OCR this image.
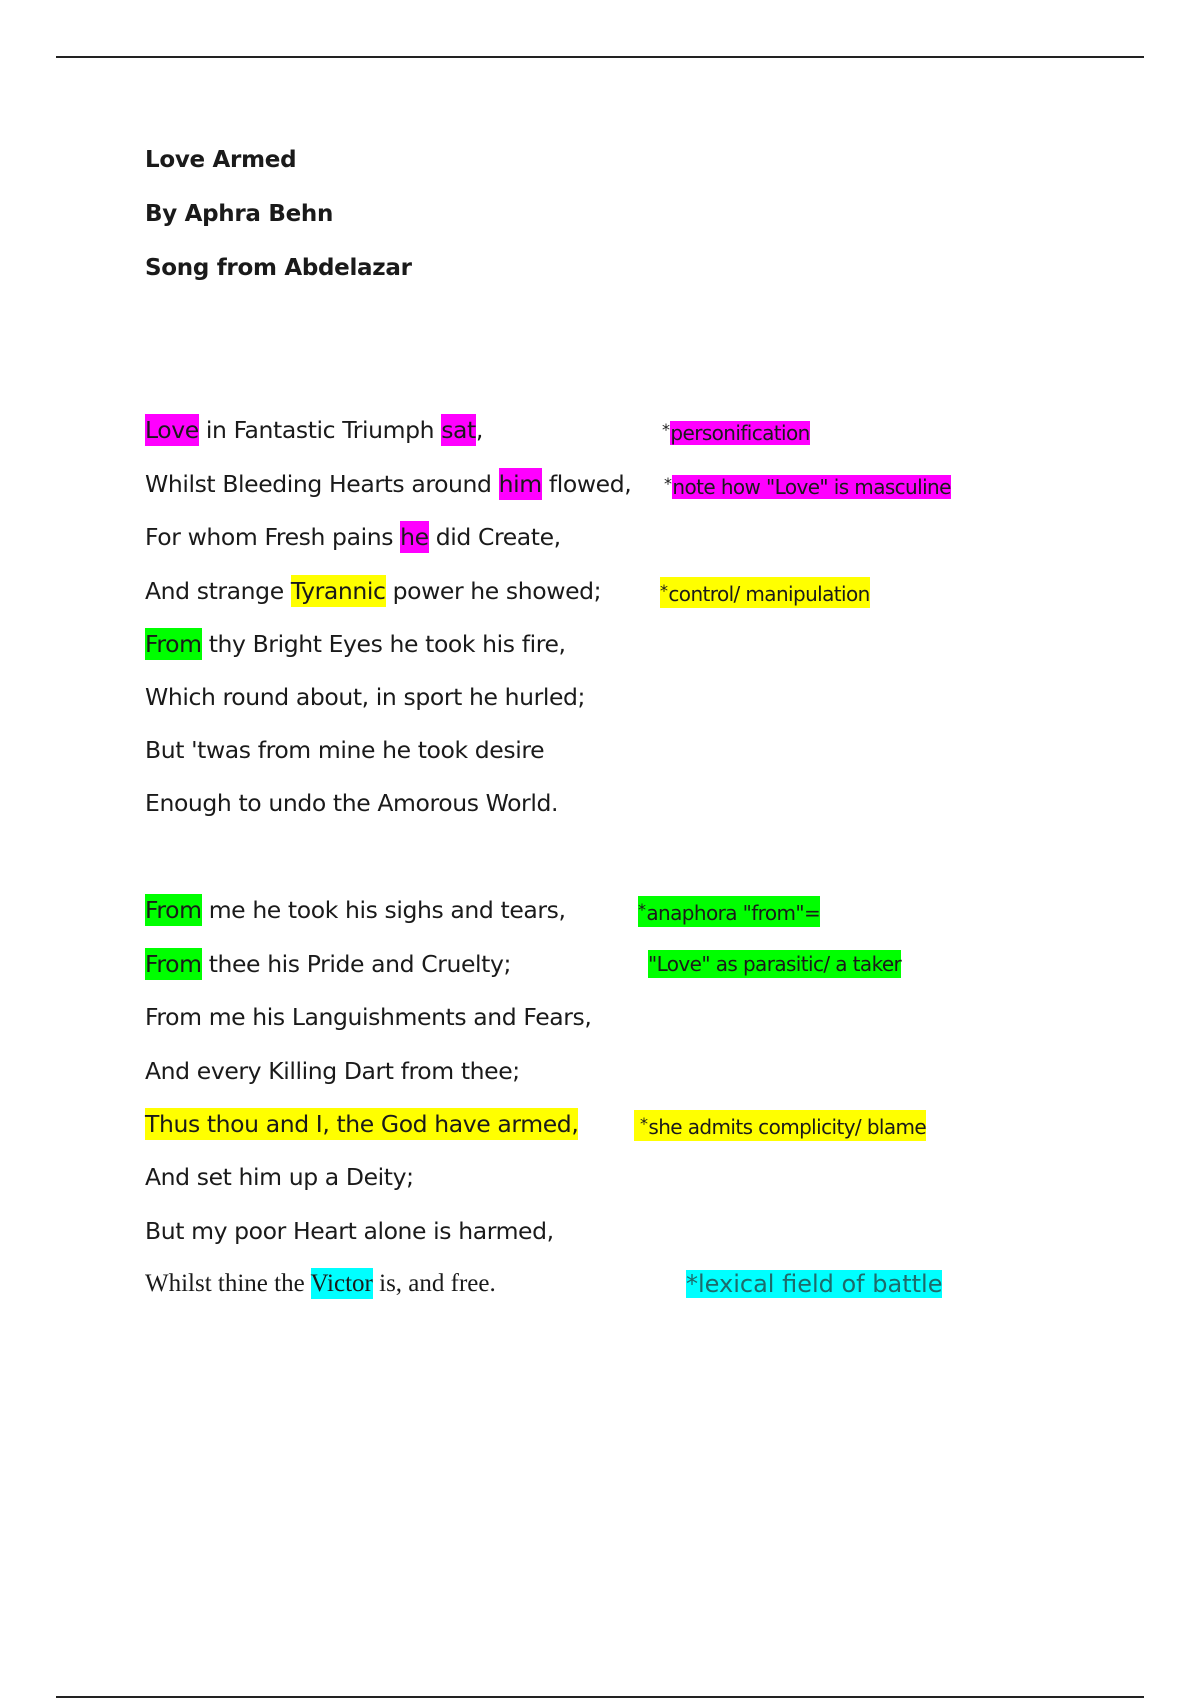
Love Armed
By Aphra Behn
Song from Abdelazar
Love in Fantastic Triumph sat,
Whilst Bleeding Hearts around him flowed,
For whom Fresh pains he did Create,
And strange Tyrannic power he showed;
From thy Bright Eyes he took his fire,
Which round about, in sport he hurled;
But 'twas from mine he took desire
Enough to undo the Amorous World.
From me he took his sighs and tears,
From thee his Pride and Cruelty;
From me his Languishments and Fears,
And every Killing Dart from thee;
Thus thou and I, the God have armed,
And set him up a Deity;
But my poor Heart alone is harmed,
Whilst thine the Victor is, and free.
*personification
*note how "Love" is masculine
*control/ manipulation
*anaphora "from"=
"Love" as parasitic/ a taker
*she admits complicity/ blame
*lexical field of battle
